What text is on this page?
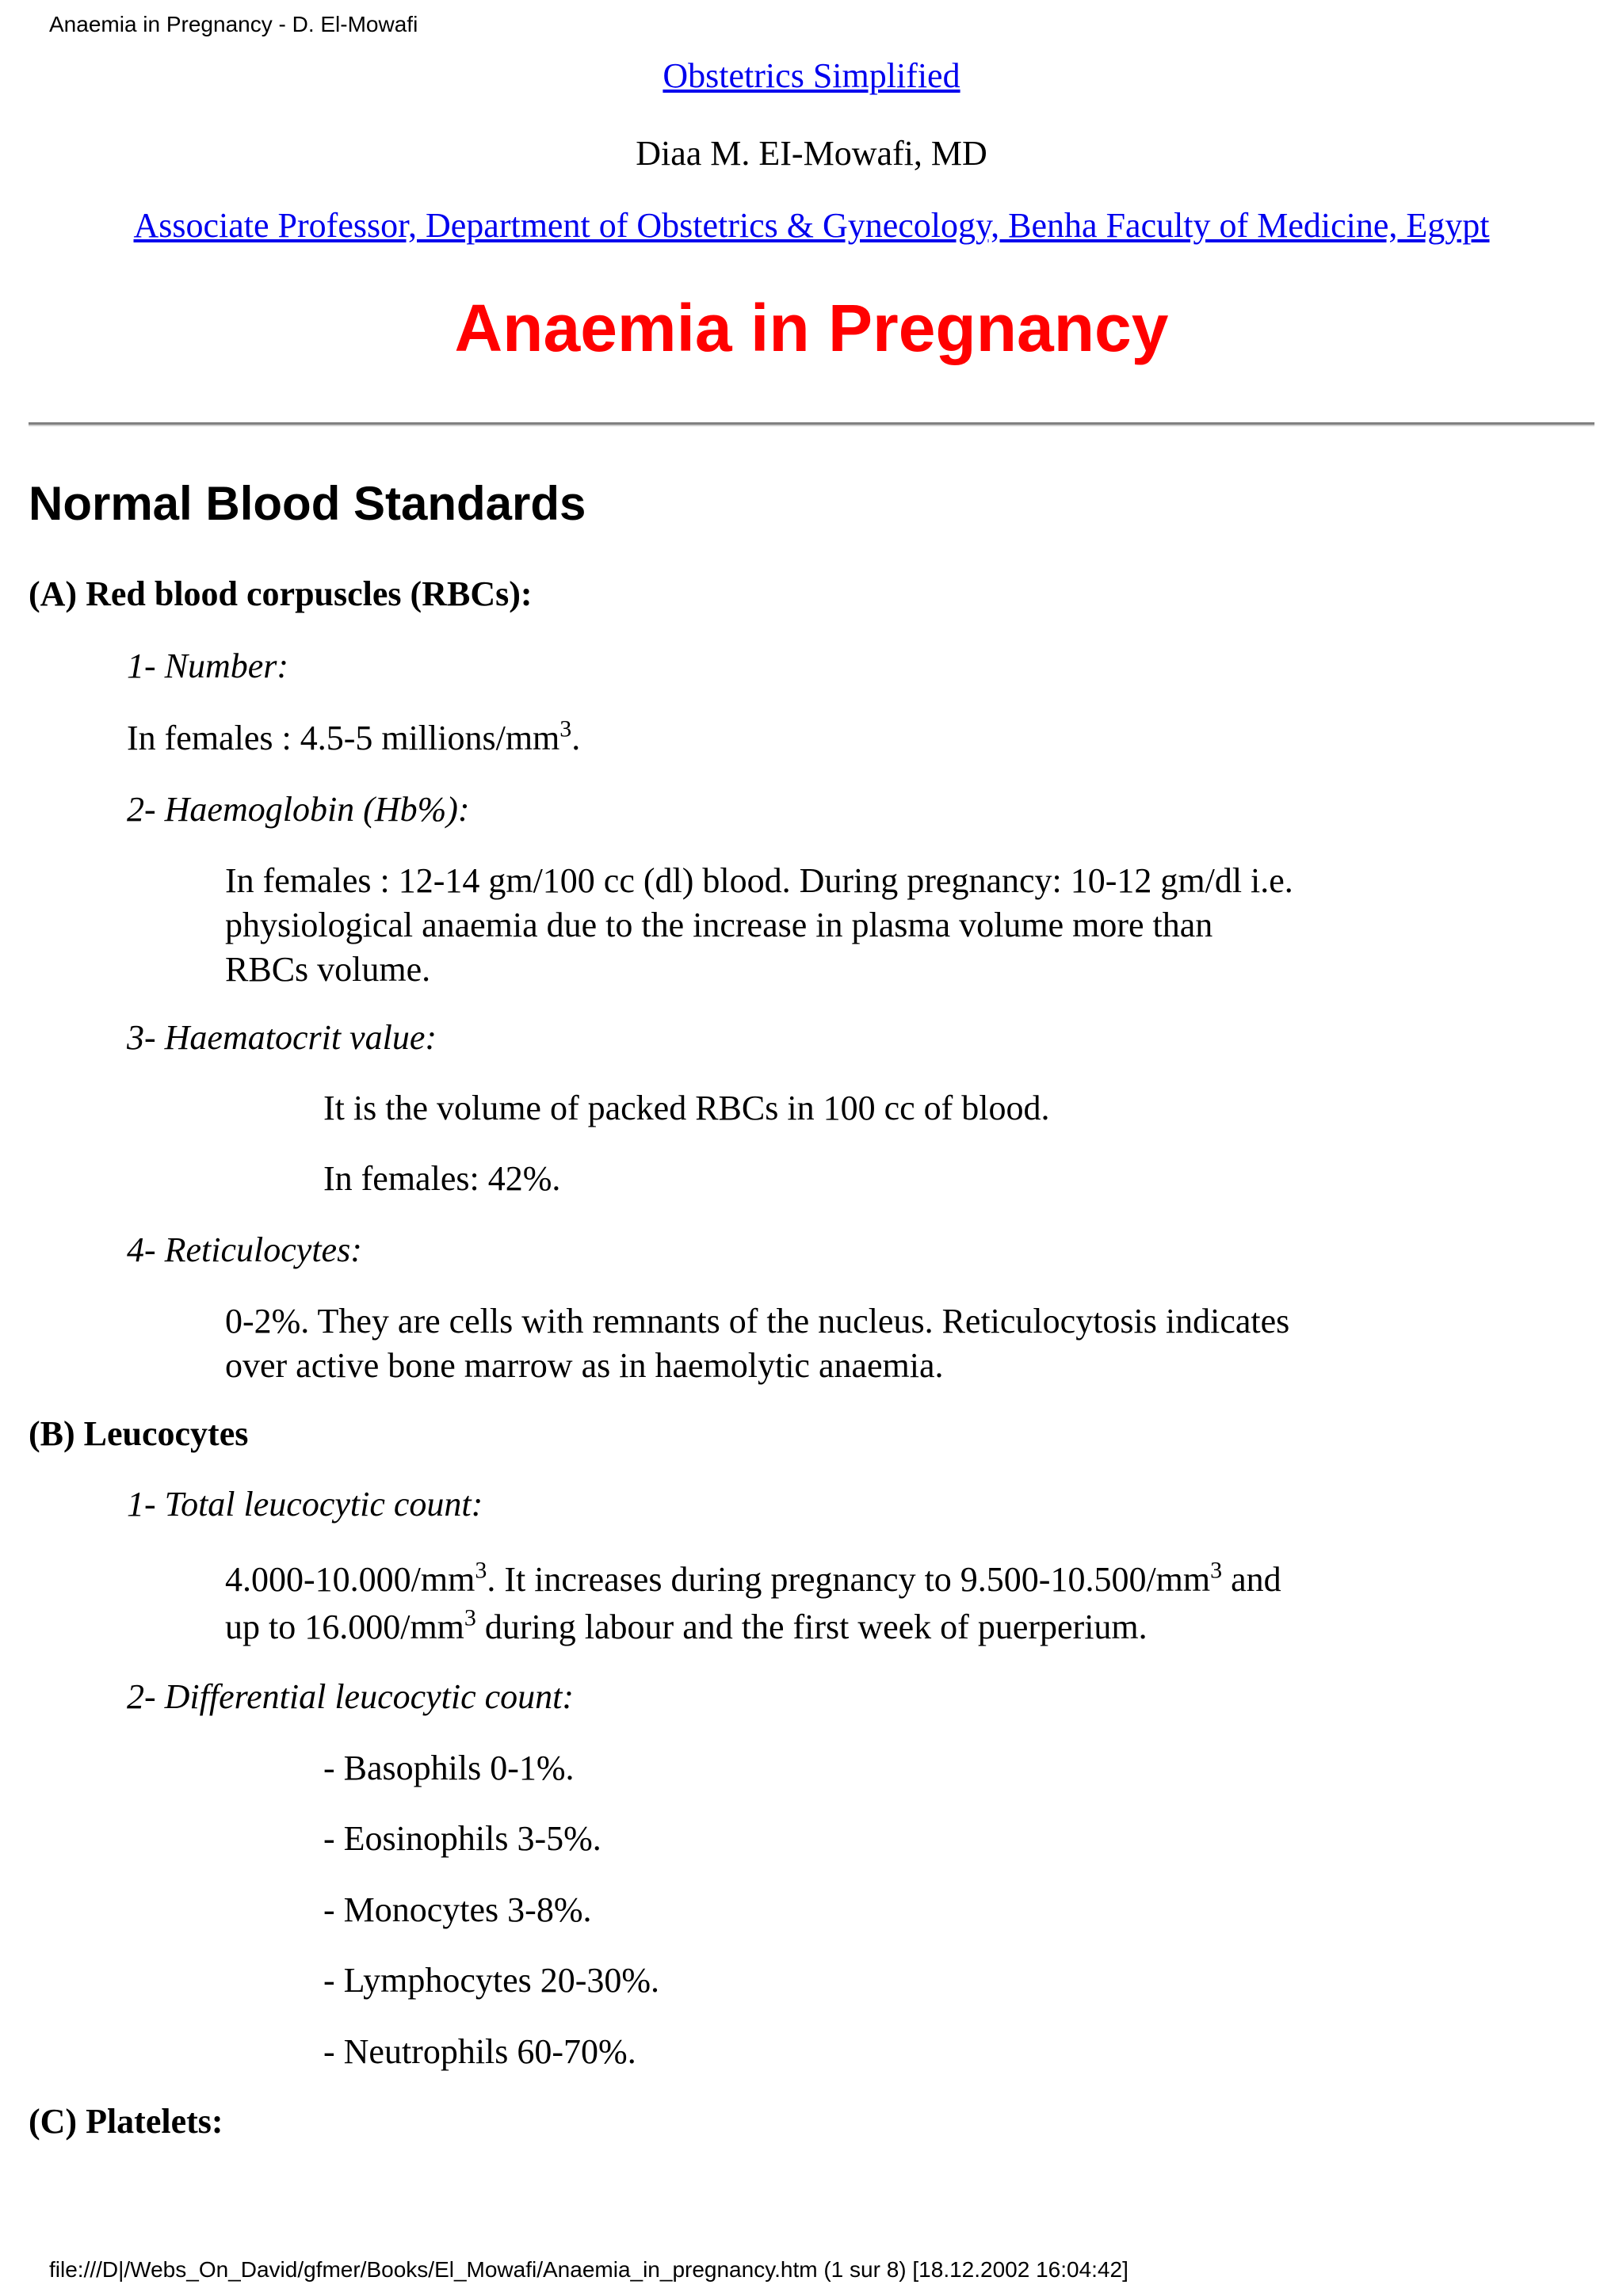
Anaemia in Pregnancy - D. El-Mowafi
Obstetrics Simplified
Diaa M. EI-Mowafi, MD
Associate Professor, Department of Obstetrics & Gynecology, Benha Faculty of Medicine, Egypt
Anaemia in Pregnancy
Normal Blood Standards
(A) Red blood corpuscles (RBCs):
1- Number:
In females : 4.5-5 millions/$mm^3$.
2- Haemoglobin (Hb%):
In females : 12-14 gm/100 cc (dl) blood. During pregnancy: 10-12 gm/dl i.e.
physiological anaemia due to the increase in plasma volume more than
RBCs volume.
3- Haematocrit value:
It is the volume of packed RBCs in 100 cc of blood.
In females: 42%.
4- Reticulocytes:
0-2%. They are cells with remnants of the nucleus. Reticulocytosis indicates
over active bone marrow as in haemolytic anaemia.
(B) Leucocytes
1- Total leucocytic count:
$4.000-10.000/mm^3$. It increases during pregnancy to $9.500-10.500/mm^3$ and
up to $16.000/mm^3$ during labour and the first week of puerperium.
2- Differential leucocytic count:
- Basophils 0-1%.
- Eosinophils 3-5%.
- Monocytes 3-8%.
- Lymphocytes 20-30%.
- Neutrophils 60-70%.
(C) Platelets:
file:///D|/Webs_On_David/gfmer/Books/El_Mowafi/Anaemia_in_pregnancy.htm (1 sur 8) [18.12.2002 16:04:42]
